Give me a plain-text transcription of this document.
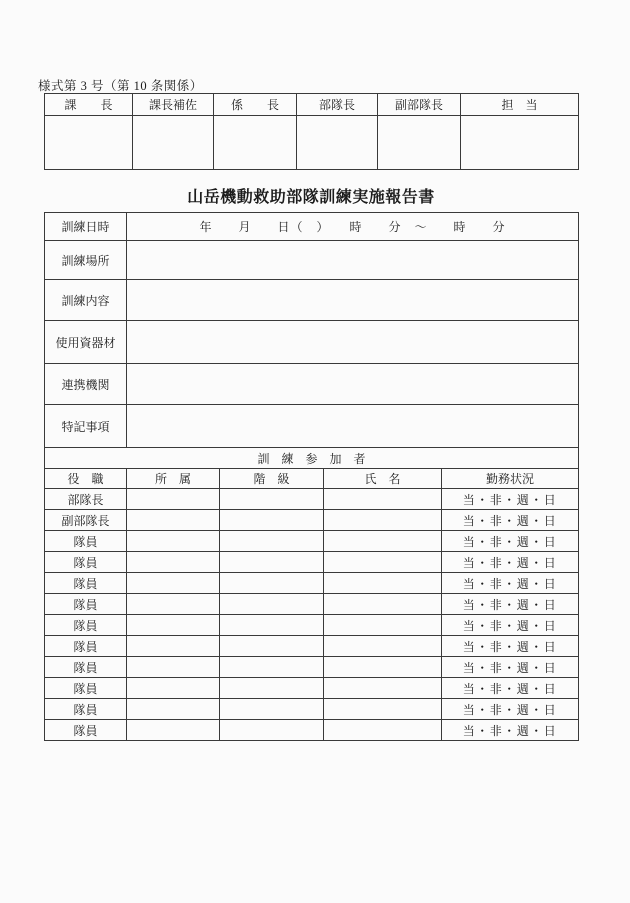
様式第 3 号（第 10 条関係）
課　　長	課長補佐	係　　長	部隊長	副部隊長	担　当

山岳機動救助部隊訓練実施報告書
訓練日時	年　　月　　日（　）　　時　　分　～　　時　　分			
訓練場所				
訓練内容				
使用資器材				
連携機関				
特記事項				
訓　練　参　加　者				
役　職	所　属	階　級	氏　名	勤務状況
部隊長				当・非・週・日
副部隊長				当・非・週・日
隊員				当・非・週・日
隊員				当・非・週・日
隊員				当・非・週・日
隊員				当・非・週・日
隊員				当・非・週・日
隊員				当・非・週・日
隊員				当・非・週・日
隊員				当・非・週・日
隊員				当・非・週・日
隊員				当・非・週・日
